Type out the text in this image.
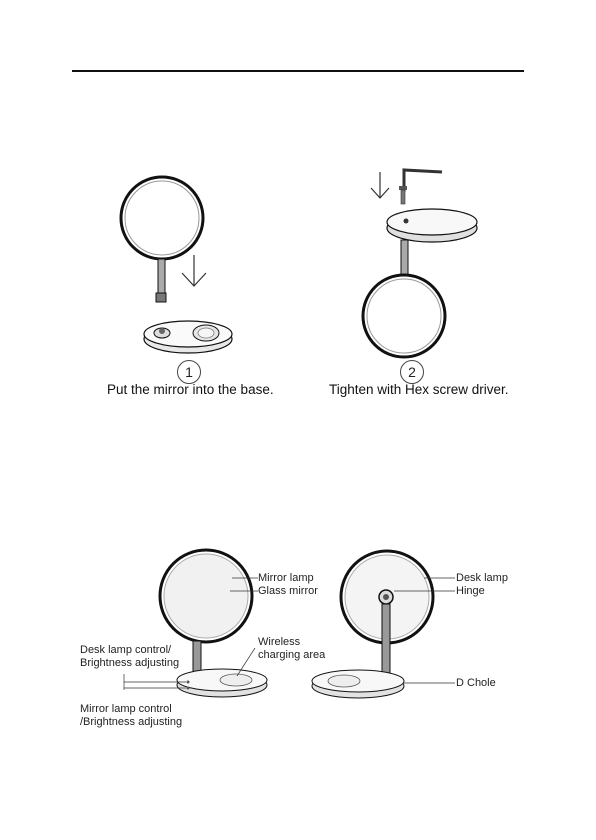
1
Put the mirror into the base.
2
Tighten with Hex screw driver.
Mirror lamp
Glass mirror
Wireless
charging area
Desk lamp control/
Brightness adjusting
Mirror lamp control
/Brightness adjusting
Desk lamp
Hinge
D Chole
